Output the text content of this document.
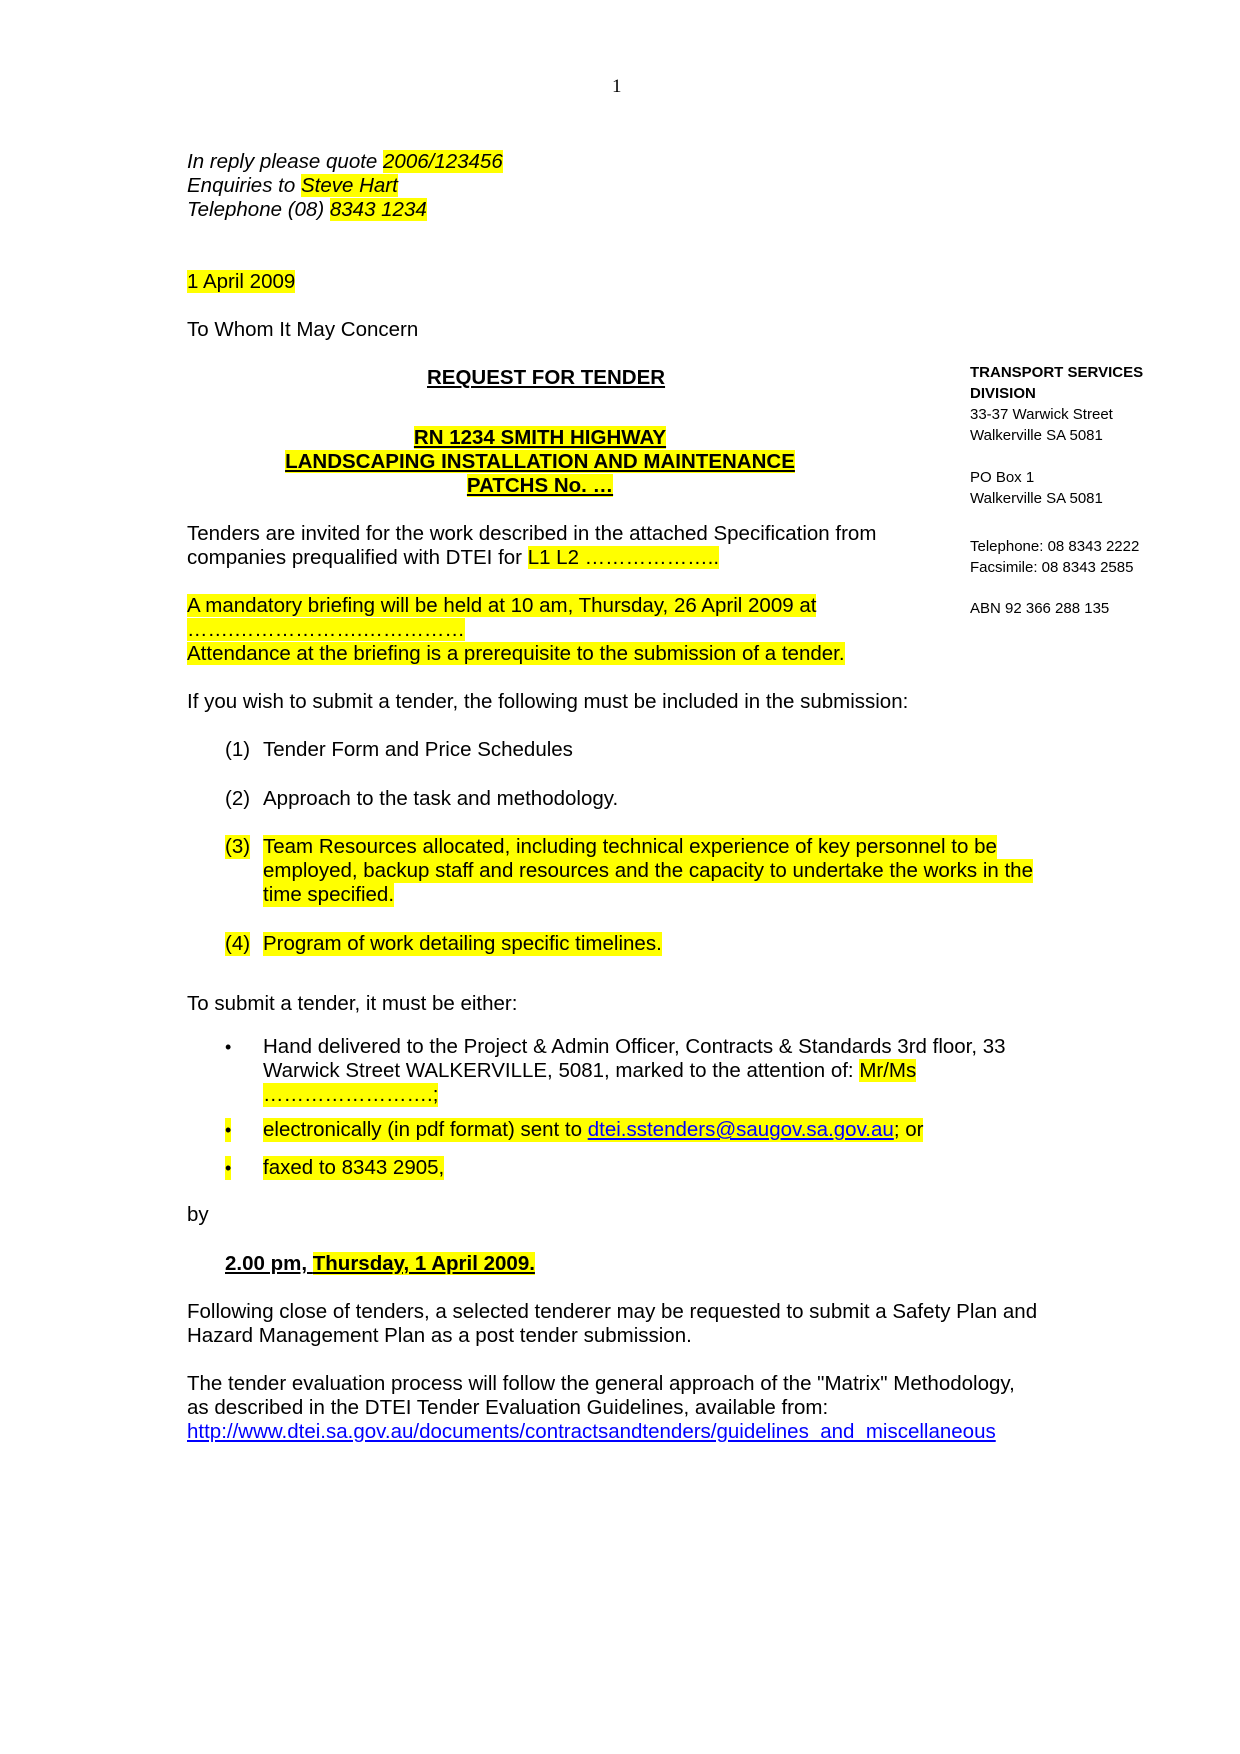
1
In reply please quote 2006/123456
Enquiries to Steve Hart
Telephone (08) 8343 1234
1 April 2009
To Whom It May Concern
REQUEST FOR TENDER
RN 1234 SMITH HIGHWAY
LANDSCAPING INSTALLATION AND MAINTENANCE
PATCHS No. …
Tenders are invited for the work described in the attached Specification from
companies prequalified with DTEI for L1 L2 ………………..
A mandatory briefing will be held at 10 am, Thursday, 26 April 2009 at
…….……………….……………
Attendance at the briefing is a prerequisite to the submission of a tender.
If you wish to submit a tender, the following must be included in the submission:
(1) Tender Form and Price Schedules
(2) Approach to the task and methodology.
(3) Team Resources allocated, including technical experience of key personnel to be
employed, backup staff and resources and the capacity to undertake the works in the
time specified.
(4) Program of work detailing specific timelines.
To submit a tender, it must be either:
• Hand delivered to the Project & Admin Officer, Contracts & Standards 3rd floor, 33
Warwick Street WALKERVILLE, 5081, marked to the attention of: Mr/Ms
…………………….;
• electronically (in pdf format) sent to dtei.sstenders@saugov.sa.gov.au; or
• faxed to 8343 2905,
by
2.00 pm, Thursday, 1 April 2009.
Following close of tenders, a selected tenderer may be requested to submit a Safety Plan and
Hazard Management Plan as a post tender submission.
The tender evaluation process will follow the general approach of the "Matrix" Methodology,
as described in the DTEI Tender Evaluation Guidelines, available from:
http://www.dtei.sa.gov.au/documents/contractsandtenders/guidelines_and_miscellaneous
TRANSPORT SERVICES
DIVISION
33-37 Warwick Street
Walkerville SA 5081
PO Box 1
Walkerville SA 5081
Telephone: 08 8343 2222
Facsimile: 08 8343 2585
ABN 92 366 288 135
